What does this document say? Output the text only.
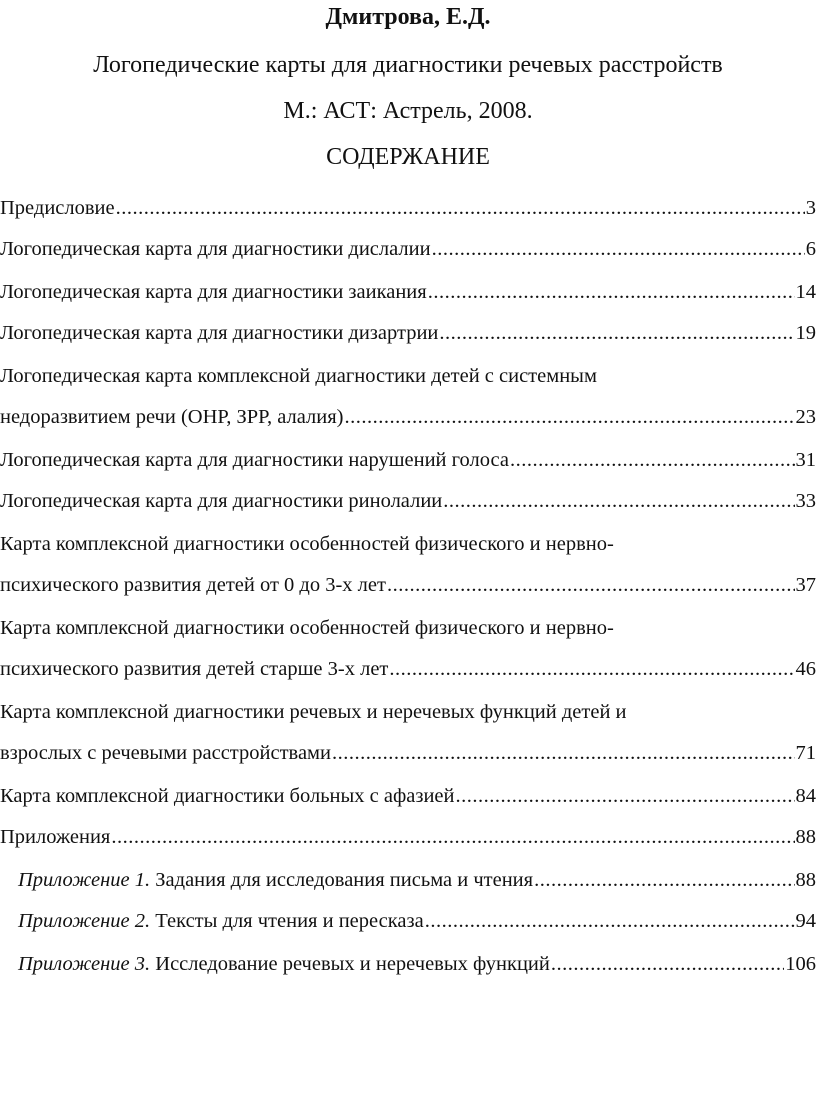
Дмитрова, Е.Д.
Логопедические карты для диагностики речевых расстройств
М.: АСТ: Астрель, 2008.
СОДЕРЖАНИЕ
Предисловие .....	3
Логопедическая карта для диагностики дислалии .....	6
Логопедическая карта для диагностики заикания .....	14
Логопедическая карта для диагностики дизартрии .....	19
Логопедическая карта комплексной диагностики детей с системным
недоразвитием речи (ОНР, ЗРР, алалия) .....	23
Логопедическая карта для диагностики нарушений голоса .....	31
Логопедическая карта для диагностики ринолалии .....	33
Карта комплексной диагностики особенностей физического и нервно-
психического развития детей от 0 до 3-х лет .....	37
Карта комплексной диагностики особенностей физического и нервно-
психического развития детей старше 3-х лет .....	46
Карта комплексной диагностики речевых и неречевых функций детей и
взрослых с речевыми расстройствами .....	71
Карта комплексной диагностики больных с афазией .....	84
Приложения .....	88
Приложение 1. Задания для исследования письма и чтения .....	88
Приложение 2. Тексты для чтения и пересказа .....	94
Приложение 3. Исследование речевых и неречевых функций .....	106
